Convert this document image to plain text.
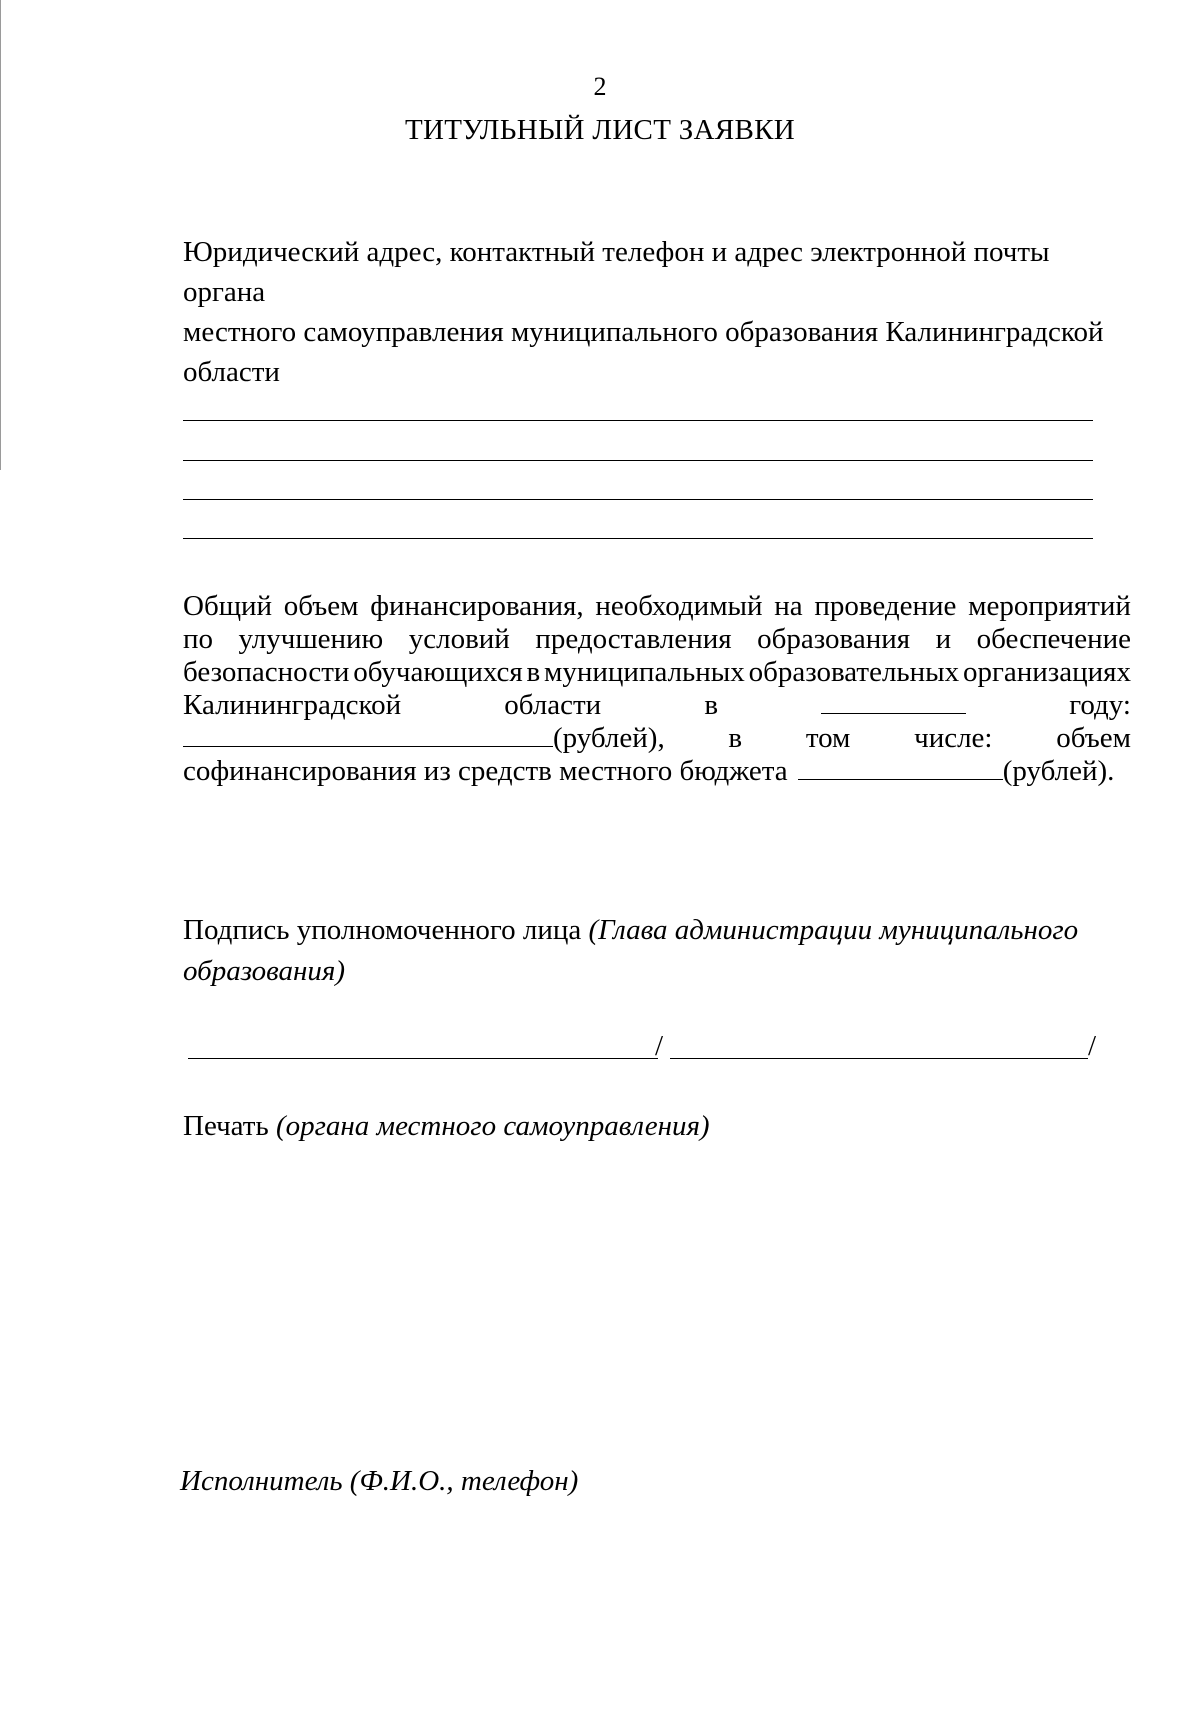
2
ТИТУЛЬНЫЙ ЛИСТ ЗАЯВКИ
Юридический адрес, контактный телефон и адрес электронной почты органа
местного самоуправления муниципального образования Калининградской
области
Общий объем финансирования, необходимый на проведение мероприятий
по улучшению условий предоставления образования и обеспечение
безопасности обучающихся в муниципальных образовательных организациях
Калининградской	области	в	году:
(рублей), в том числе: объем
софинансирования из средств местного бюджета	(рублей).
Подпись уполномоченного лица (Глава администрации муниципального
образования)
/	/
Печать (органа местного самоуправления)
Исполнитель (Ф.И.О., телефон)
